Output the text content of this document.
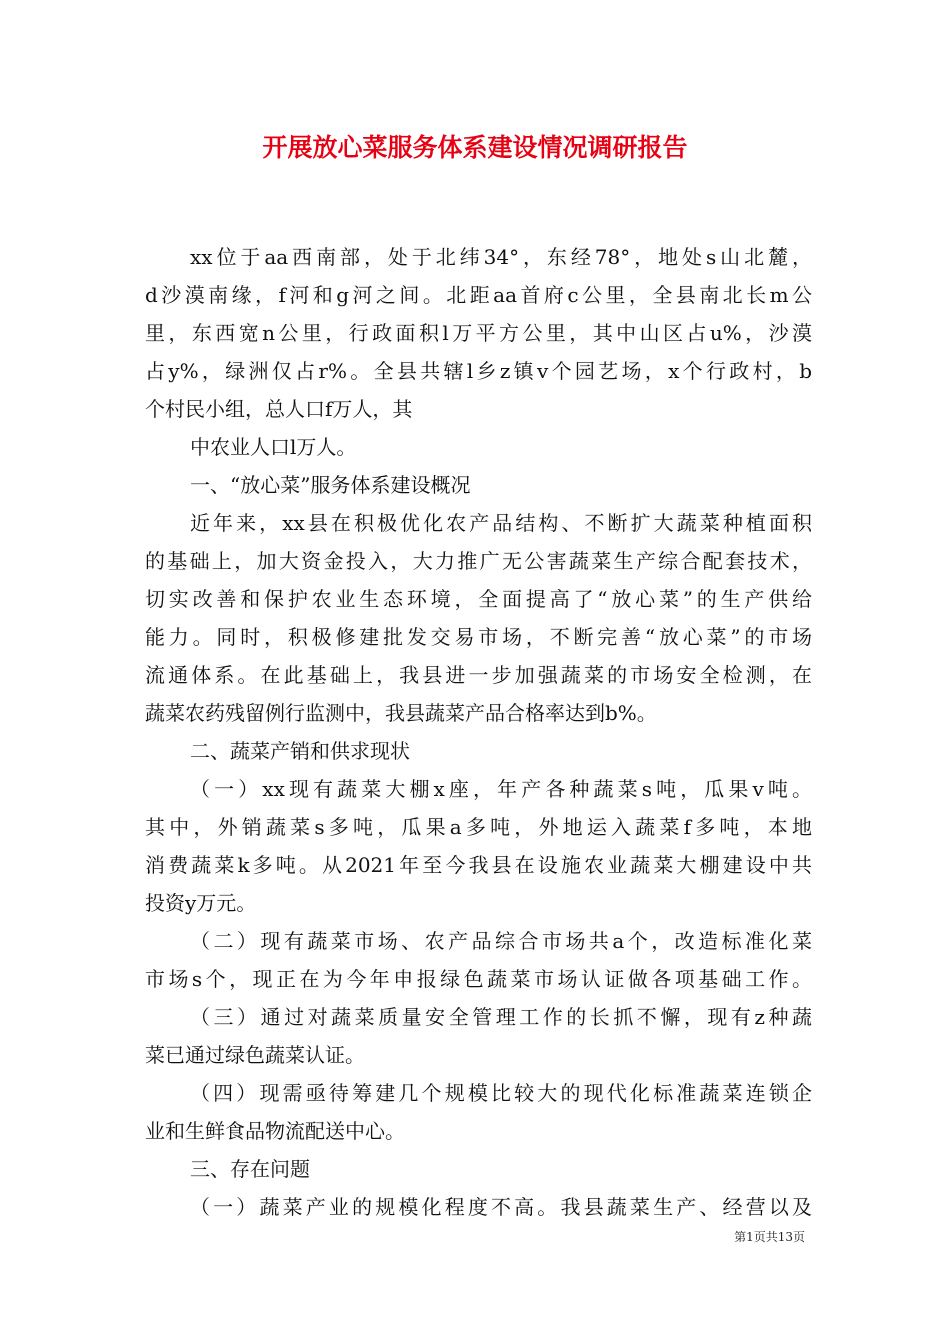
开展放心菜服务体系建设情况调研报告
xx位于aa西南部，处于北纬34°，东经78°，地处s山北麓，
d沙漠南缘，f河和g河之间。北距aa首府c公里，全县南北长m公
里，东西宽n公里，行政面积l万平方公里，其中山区占u%，沙漠
占y%，绿洲仅占r%。全县共辖l乡z镇v个园艺场，x个行政村，b
个村民小组，总人口f万人，其
中农业人口l万人。
一、“放心菜”服务体系建设概况
近年来，xx县在积极优化农产品结构、不断扩大蔬菜种植面积
的基础上，加大资金投入，大力推广无公害蔬菜生产综合配套技术，
切实改善和保护农业生态环境，全面提高了“放心菜”的生产供给
能力。同时，积极修建批发交易市场，不断完善“放心菜”的市场
流通体系。在此基础上，我县进一步加强蔬菜的市场安全检测，在
蔬菜农药残留例行监测中，我县蔬菜产品合格率达到b%。
二、蔬菜产销和供求现状
（一）xx现有蔬菜大棚x座，年产各种蔬菜s吨，瓜果v吨。
其中，外销蔬菜s多吨，瓜果a多吨，外地运入蔬菜f多吨，本地
消费蔬菜k多吨。从2021年至今我县在设施农业蔬菜大棚建设中共
投资y万元。
（二）现有蔬菜市场、农产品综合市场共a个，改造标准化菜
市场s个，现正在为今年申报绿色蔬菜市场认证做各项基础工作。
（三）通过对蔬菜质量安全管理工作的长抓不懈，现有z种蔬
菜已通过绿色蔬菜认证。
（四）现需亟待筹建几个规模比较大的现代化标准蔬菜连锁企
业和生鲜食品物流配送中心。
三、存在问题
（一）蔬菜产业的规模化程度不高。我县蔬菜生产、经营以及
第1页共13页
